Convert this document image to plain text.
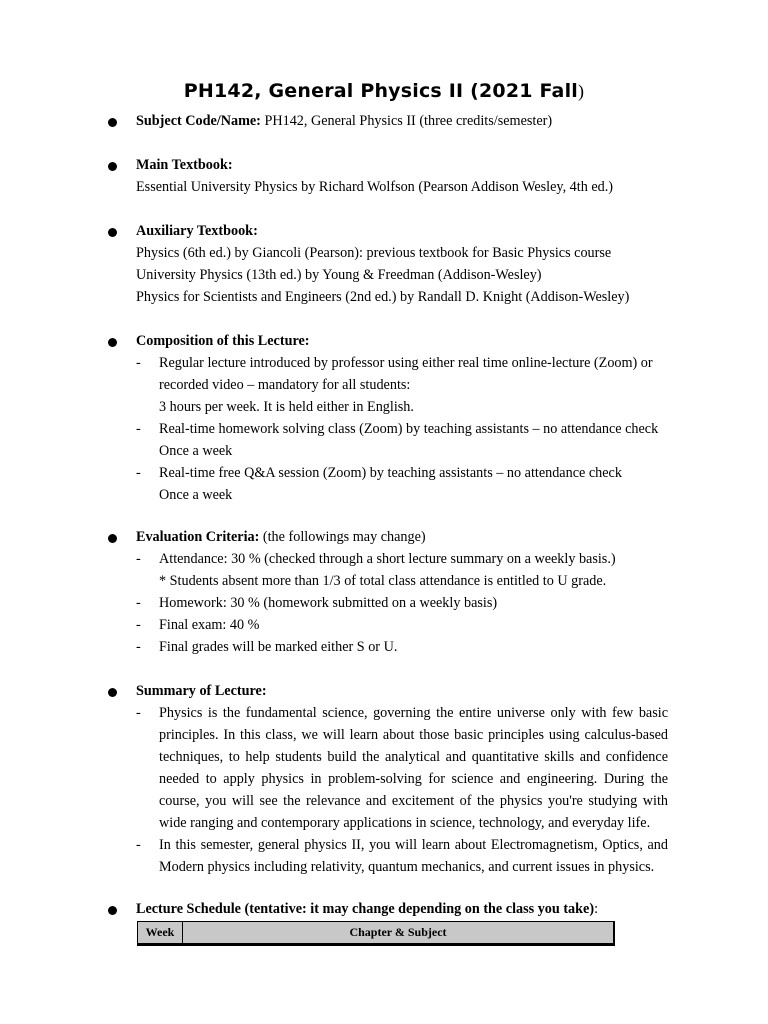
PH142, General Physics II (2021 Fall)
Subject Code/Name: PH142, General Physics II (three credits/semester)
Main Textbook:
Essential University Physics by Richard Wolfson (Pearson Addison Wesley, 4th ed.)
Auxiliary Textbook:
Physics (6th ed.) by Giancoli (Pearson): previous textbook for Basic Physics course
University Physics (13th ed.) by Young & Freedman (Addison-Wesley)
Physics for Scientists and Engineers (2nd ed.) by Randall D. Knight (Addison-Wesley)
Composition of this Lecture:
- Regular lecture introduced by professor using either real time online-lecture (Zoom) or
recorded video – mandatory for all students:
3 hours per week. It is held either in English.
- Real-time homework solving class (Zoom) by teaching assistants – no attendance check
Once a week
- Real-time free Q&A session (Zoom) by teaching assistants – no attendance check
Once a week
Evaluation Criteria: (the followings may change)
- Attendance: 30 % (checked through a short lecture summary on a weekly basis.)
* Students absent more than 1/3 of total class attendance is entitled to U grade.
- Homework: 30 % (homework submitted on a weekly basis)
- Final exam: 40 %
- Final grades will be marked either S or U.
Summary of Lecture:
- Physics is the fundamental science, governing the entire universe only with few basic principles. In this class, we will learn about those basic principles using calculus-based techniques, to help students build the analytical and quantitative skills and confidence needed to apply physics in problem-solving for science and engineering. During the course, you will see the relevance and excitement of the physics you're studying with wide ranging and contemporary applications in science, technology, and everyday life.
- In this semester, general physics II, you will learn about Electromagnetism, Optics, and Modern physics including relativity, quantum mechanics, and current issues in physics.
Lecture Schedule (tentative: it may change depending on the class you take):
Week	Chapter & Subject
